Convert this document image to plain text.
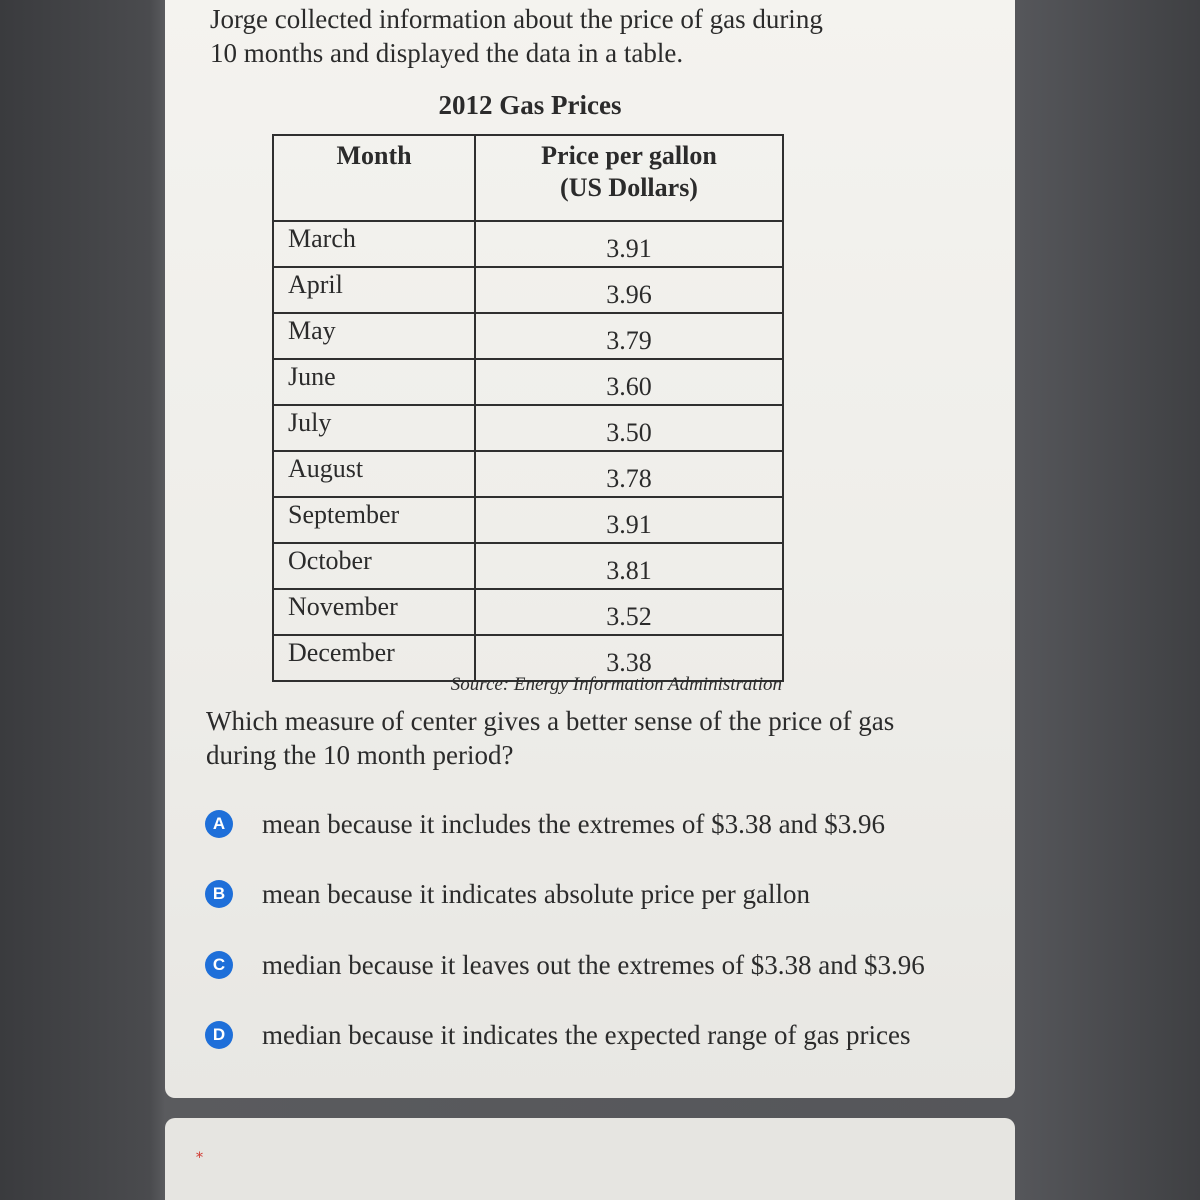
Jorge collected information about the price of gas during
10 months and displayed the data in a table.
2012 Gas Prices
Month	Price per gallon
(US Dollars)

March	3.91
April	3.96
May	3.79
June	3.60
July	3.50
August	3.78
September	3.91
October	3.81
November	3.52
December	3.38
Source: Energy Information Administration
Which measure of center gives a better sense of the price of gas
during the 10 month period?
A mean because it includes the extremes of $3.38 and $3.96
B mean because it indicates absolute price per gallon
C median because it leaves out the extremes of $3.38 and $3.96
D median because it indicates the expected range of gas prices
*
